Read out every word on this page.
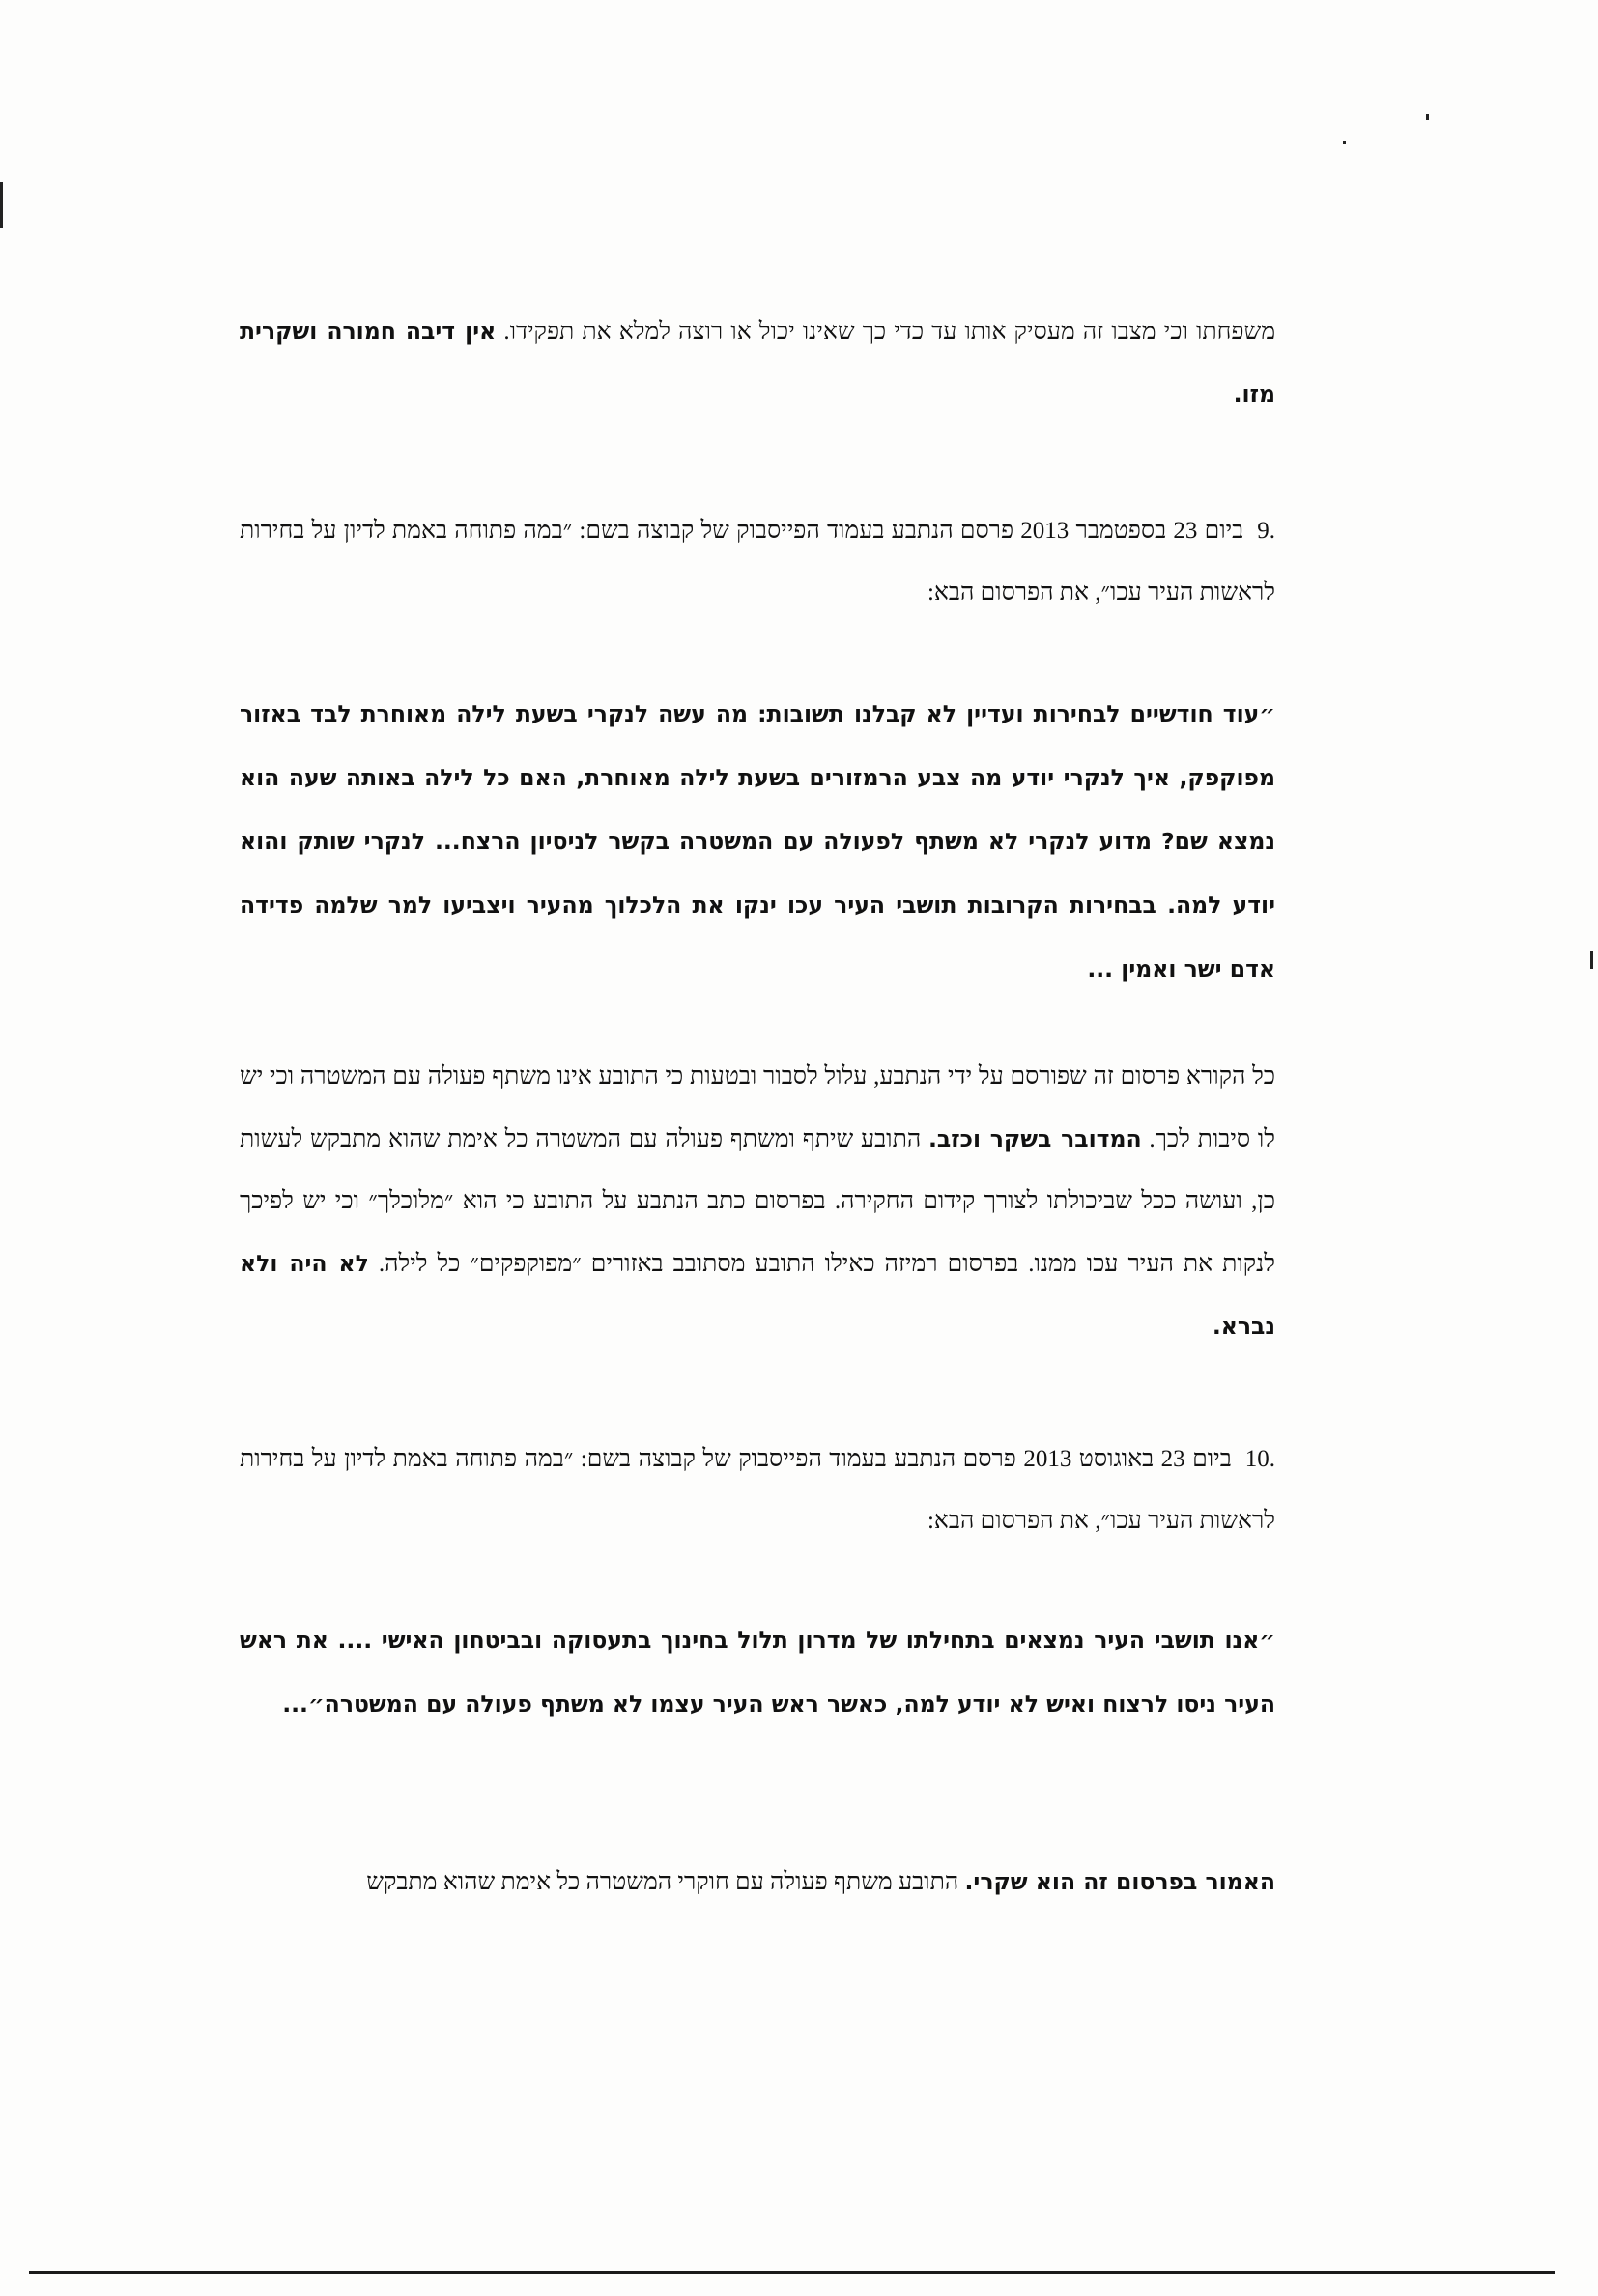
משפחתו וכי מצבו זה מעסיק אותו עד כדי כך שאינו יכול או רוצה למלא את תפקידו. אין דיבה חמורה ושקרית מזו.

.9ביום 23 בספטמבר 2013 פרסם הנתבע בעמוד הפייסבוק של קבוצה בשם: ״במה פתוחה באמת לדיון על בחירות לראשות העיר עכו״, את הפרסום הבא:

״עוד חודשיים לבחירות ועדיין לא קבלנו תשובות: מה עשה לנקרי בשעת לילה מאוחרת לבד באזור מפוקפק, איך לנקרי יודע מה צבע הרמזורים בשעת לילה מאוחרת, האם כל לילה באותה שעה הוא נמצא שם? מדוע לנקרי לא משתף לפעולה עם המשטרה בקשר לניסיון הרצח... לנקרי שותק והוא יודע למה. בבחירות הקרובות תושבי העיר עכו ינקו את הלכלוך מהעיר ויצביעו למר שלמה פדידה אדם ישר ואמין ...

כל הקורא פרסום זה שפורסם על ידי הנתבע, עלול לסבור ובטעות כי התובע אינו משתף פעולה עם המשטרה וכי יש לו סיבות לכך. המדובר בשקר וכזב. התובע שיתף ומשתף פעולה עם המשטרה כל אימת שהוא מתבקש לעשות כן, ועושה ככל שביכולתו לצורך קידום החקירה. בפרסום כתב הנתבע על התובע כי הוא ״מלוכלך״ וכי יש לפיכך לנקות את העיר עכו ממנו. בפרסום רמיזה כאילו התובע מסתובב באזורים ״מפוקפקים״ כל לילה. לא היה ולא נברא.

.10ביום 23 באוגוסט 2013 פרסם הנתבע בעמוד הפייסבוק של קבוצה בשם: ״במה פתוחה באמת לדיון על בחירות לראשות העיר עכו״, את הפרסום הבא:

״אנו תושבי העיר נמצאים בתחילתו של מדרון תלול בחינוך בתעסוקה ובביטחון האישי .... את ראש העיר ניסו לרצוח ואיש לא יודע למה, כאשר ראש העיר עצמו לא משתף פעולה עם המשטרה״...

האמור בפרסום זה הוא שקרי. התובע משתף פעולה עם חוקרי המשטרה כל אימת שהוא מתבקש
